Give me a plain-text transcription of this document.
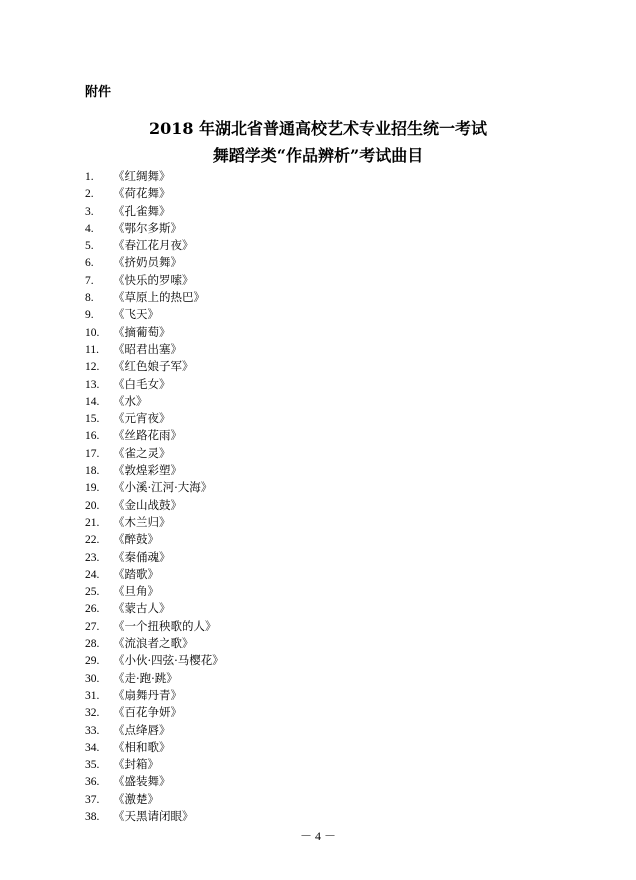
附件
2018 年湖北省普通高校艺术专业招生统一考试
舞蹈学类“作品辨析”考试曲目
1. 《红绸舞》
2. 《荷花舞》
3. 《孔雀舞》
4. 《鄂尔多斯》
5. 《春江花月夜》
6. 《挤奶员舞》
7. 《快乐的罗嗦》
8. 《草原上的热巴》
9. 《飞天》
10. 《摘葡萄》
11. 《昭君出塞》
12. 《红色娘子军》
13. 《白毛女》
14. 《水》
15. 《元宵夜》
16. 《丝路花雨》
17. 《雀之灵》
18. 《敦煌彩塑》
19. 《小溪·江河·大海》
20. 《金山战鼓》
21. 《木兰归》
22. 《醉鼓》
23. 《秦俑魂》
24. 《踏歌》
25. 《旦角》
26. 《蒙古人》
27. 《一个扭秧歌的人》
28. 《流浪者之歌》
29. 《小伙·四弦·马樱花》
30. 《走·跑·跳》
31. 《扇舞丹青》
32. 《百花争妍》
33. 《点绛唇》
34. 《相和歌》
35. 《封箱》
36. 《盛装舞》
37. 《激楚》
38. 《天黑请闭眼》
－ 4 －
